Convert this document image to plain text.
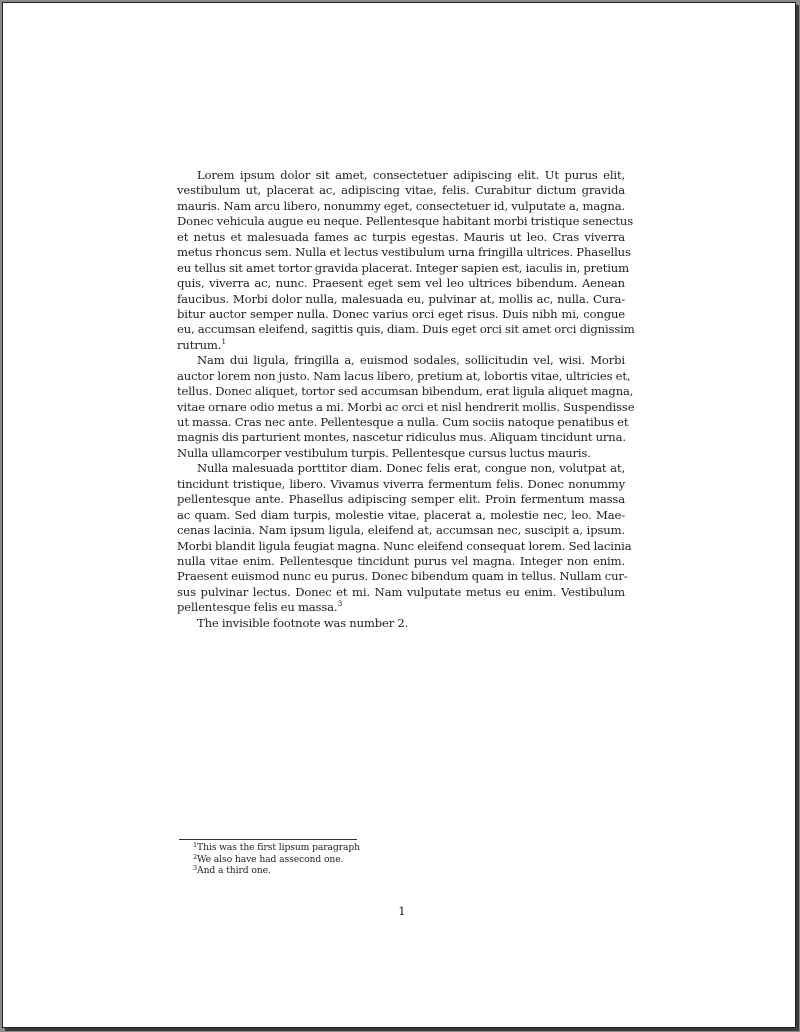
Lorem ipsum dolor sit amet, consectetuer adipiscing elit. Ut purus elit,
vestibulum ut, placerat ac, adipiscing vitae, felis. Curabitur dictum gravida
mauris. Nam arcu libero, nonummy eget, consectetuer id, vulputate a, magna.
Donec vehicula augue eu neque. Pellentesque habitant morbi tristique senectus
et netus et malesuada fames ac turpis egestas. Mauris ut leo. Cras viverra
metus rhoncus sem. Nulla et lectus vestibulum urna fringilla ultrices. Phasellus
eu tellus sit amet tortor gravida placerat. Integer sapien est, iaculis in, pretium
quis, viverra ac, nunc. Praesent eget sem vel leo ultrices bibendum. Aenean
faucibus. Morbi dolor nulla, malesuada eu, pulvinar at, mollis ac, nulla. Cura-
bitur auctor semper nulla. Donec varius orci eget risus. Duis nibh mi, congue
eu, accumsan eleifend, sagittis quis, diam. Duis eget orci sit amet orci dignissim
rutrum.$^1$
Nam dui ligula, fringilla a, euismod sodales, sollicitudin vel, wisi. Morbi
auctor lorem non justo. Nam lacus libero, pretium at, lobortis vitae, ultricies et,
tellus. Donec aliquet, tortor sed accumsan bibendum, erat ligula aliquet magna,
vitae ornare odio metus a mi. Morbi ac orci et nisl hendrerit mollis. Suspendisse
ut massa. Cras nec ante. Pellentesque a nulla. Cum sociis natoque penatibus et
magnis dis parturient montes, nascetur ridiculus mus. Aliquam tincidunt urna.
Nulla ullamcorper vestibulum turpis. Pellentesque cursus luctus mauris.
Nulla malesuada porttitor diam. Donec felis erat, congue non, volutpat at,
tincidunt tristique, libero. Vivamus viverra fermentum felis. Donec nonummy
pellentesque ante. Phasellus adipiscing semper elit. Proin fermentum massa
ac quam. Sed diam turpis, molestie vitae, placerat a, molestie nec, leo. Mae-
cenas lacinia. Nam ipsum ligula, eleifend at, accumsan nec, suscipit a, ipsum.
Morbi blandit ligula feugiat magna. Nunc eleifend consequat lorem. Sed lacinia
nulla vitae enim. Pellentesque tincidunt purus vel magna. Integer non enim.
Praesent euismod nunc eu purus. Donec bibendum quam in tellus. Nullam cur-
sus pulvinar lectus. Donec et mi. Nam vulputate metus eu enim. Vestibulum
pellentesque felis eu massa.$^3$
The invisible footnote was number 2.
$^1$This was the first lipsum paragraph
$^2$We also have had assecond one.
$^3$And a third one.
1
